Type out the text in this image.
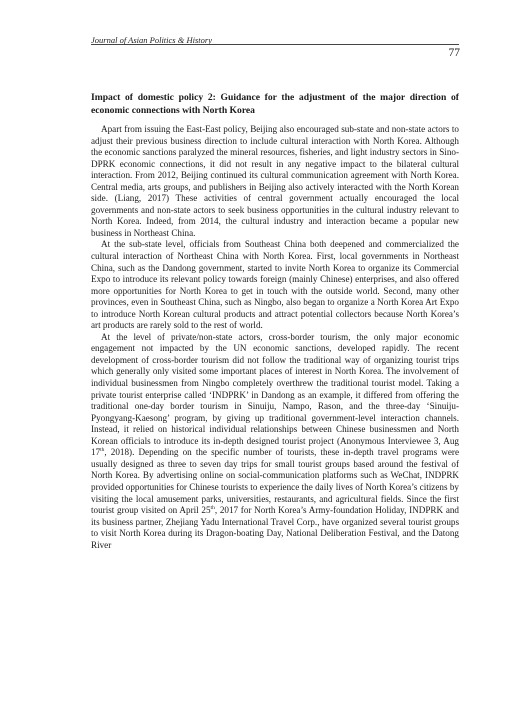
Journal of Asian Politics & History
77
Impact of domestic policy 2: Guidance for the adjustment of the major direction of economic connections with North Korea

Apart from issuing the East-East policy, Beijing also encouraged sub-state and non-state actors to adjust their previous business direction to include cultural interaction with North Korea. Although the economic sanctions paralyzed the mineral resources, fisheries, and light industry sectors in Sino-DPRK economic connections, it did not result in any negative impact to the bilateral cultural interaction. From 2012, Beijing continued its cultural communication agreement with North Korea. Central media, arts groups, and publishers in Beijing also actively interacted with the North Korean side. (Liang, 2017) These activities of central government actually encouraged the local governments and non-state actors to seek business opportunities in the cultural industry relevant to North Korea. Indeed, from 2014, the cultural industry and interaction became a popular new business in Northeast China.

At the sub-state level, officials from Southeast China both deepened and commercialized the cultural interaction of Northeast China with North Korea. First, local governments in Northeast China, such as the Dandong government, started to invite North Korea to organize its Commercial Expo to introduce its relevant policy towards foreign (mainly Chinese) enterprises, and also offered more opportunities for North Korea to get in touch with the outside world. Second, many other provinces, even in Southeast China, such as Ningbo, also began to organize a North Korea Art Expo to introduce North Korean cultural products and attract potential collectors because North Korea’s art products are rarely sold to the rest of world.

At the level of private/non-state actors, cross-border tourism, the only major economic engagement not impacted by the UN economic sanctions, developed rapidly. The recent development of cross-border tourism did not follow the traditional way of organizing tourist trips which generally only visited some important places of interest in North Korea. The involvement of individual businessmen from Ningbo completely overthrew the traditional tourist model. Taking a private tourist enterprise called ‘INDPRK’ in Dandong as an example, it differed from offering the traditional one-day border tourism in Sinuiju, Nampo, Rason, and the three-day ‘Sinuiju-Pyongyang-Kaesong’ program, by giving up traditional government-level interaction channels. Instead, it relied on historical individual relationships between Chinese businessmen and North Korean officials to introduce its in-depth designed tourist project (Anonymous Interviewee 3, Aug 17th, 2018). Depending on the specific number of tourists, these in-depth travel programs were usually designed as three to seven day trips for small tourist groups based around the festival of North Korea. By advertising online on social-communication platforms such as WeChat, INDPRK provided opportunities for Chinese tourists to experience the daily lives of North Korea’s citizens by visiting the local amusement parks, universities, restaurants, and agricultural fields. Since the first tourist group visited on April 25th, 2017 for North Korea’s Army-foundation Holiday, INDPRK and its business partner, Zhejiang Yadu International Travel Corp., have organized several tourist groups to visit North Korea during its Dragon-boating Day, National Deliberation Festival, and the Datong River
